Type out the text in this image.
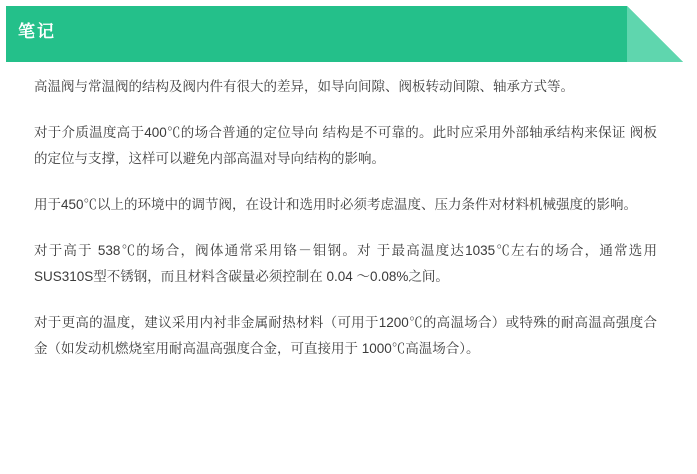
笔记

高温阀与常温阀的结构及阀内件有很大的差异，如导向间隙、阀板转动间隙、轴承方式等。

对于介质温度高于400℃的场合普通的定位导向 结构是不可靠的。此时应采用外部轴承结构来保证 阀板的定位与支撑，这样可以避免内部高温对导向结构的影响。

用于450℃以上的环境中的调节阀，在设计和选用时必须考虑温度、压力条件对材料机械强度的影响。

对于高于 538℃的场合，阀体通常采用铬－钼钢。对 于最高温度达1035℃左右的场合，通常选用SUS310S型不锈钢，而且材料含碳量必须控制在 0.04 ～0.08%之间。

对于更高的温度，建议采用内衬非金属耐热材料（可用于1200℃的高温场合）或特殊的耐高温高强度合金（如发动机燃烧室用耐高温高强度合金，可直接用于 1000℃高温场合）。
